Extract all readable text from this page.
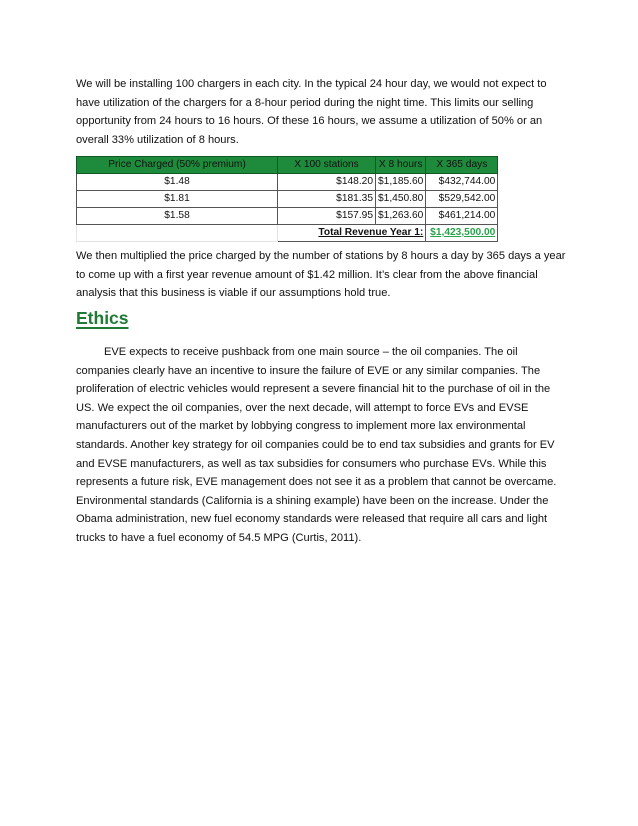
We will be installing 100 chargers in each city. In the typical 24 hour day, we would not expect to have utilization of the chargers for a 8-hour period during the night time. This limits our selling opportunity from 24 hours to 16 hours. Of these 16 hours, we assume a utilization of 50% or an overall 33% utilization of 8 hours.

Price Charged (50% premium)	X 100 stations	X 8 hours	X 365 days
$1.48	$148.20	$1,185.60	$432,744.00
$1.81	$181.35	$1,450.80	$529,542.00
$1.58	$157.95	$1,263.60	$461,214.00
	Total Revenue Year 1:		$1,423,500.00

We then multiplied the price charged by the number of stations by 8 hours a day by 365 days a year to come up with a first year revenue amount of $1.42 million. It’s clear from the above financial analysis that this business is viable if our assumptions hold true.

Ethics

EVE expects to receive pushback from one main source – the oil companies. The oil companies clearly have an incentive to insure the failure of EVE or any similar companies. The proliferation of electric vehicles would represent a severe financial hit to the purchase of oil in the US. We expect the oil companies, over the next decade, will attempt to force EVs and EVSE manufacturers out of the market by lobbying congress to implement more lax environmental standards. Another key strategy for oil companies could be to end tax subsidies and grants for EV and EVSE manufacturers, as well as tax subsidies for consumers who purchase EVs. While this represents a future risk, EVE management does not see it as a problem that cannot be overcame. Environmental standards (California is a shining example) have been on the increase. Under the Obama administration, new fuel economy standards were released that require all cars and light trucks to have a fuel economy of 54.5 MPG (Curtis, 2011).
